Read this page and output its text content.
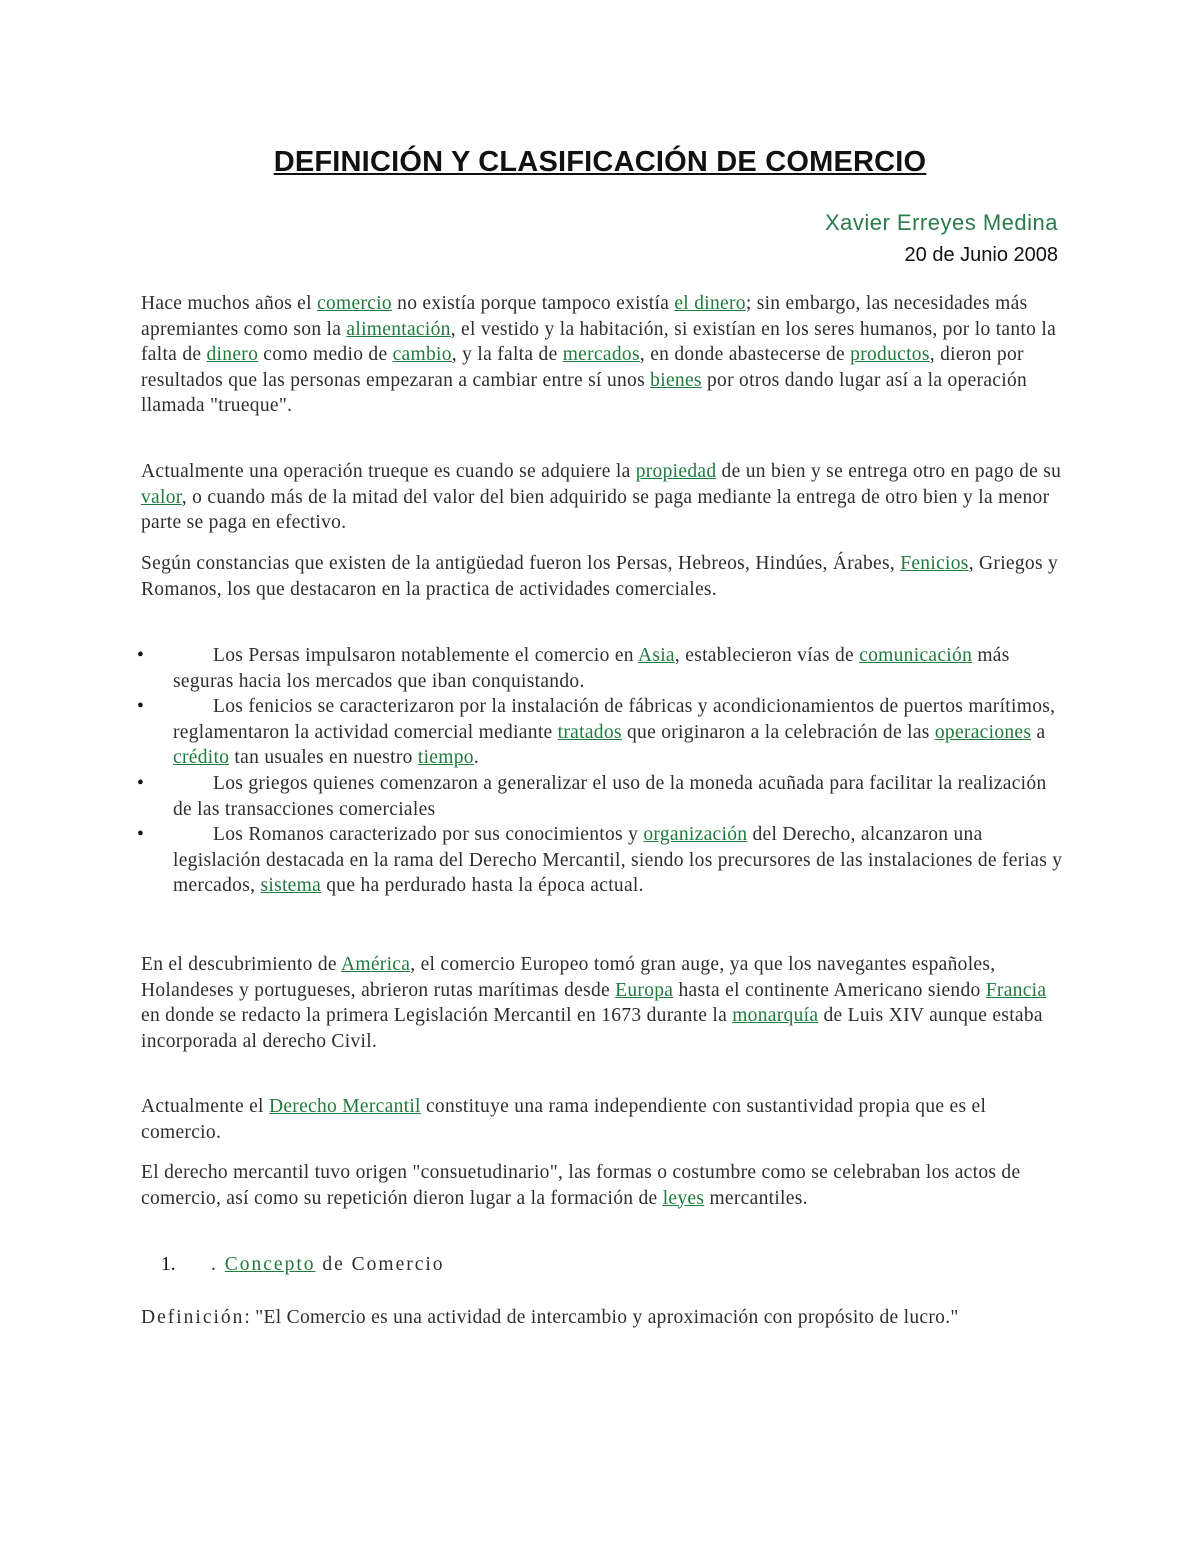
DEFINICIÓN Y CLASIFICACIÓN DE COMERCIO
Xavier Erreyes Medina
20 de Junio 2008

Hace muchos años el comercio no existía porque tampoco existía el dinero; sin embargo, las necesidades más apremiantes como son la alimentación, el vestido y la habitación, si existían en los seres humanos, por lo tanto la falta de dinero como medio de cambio, y la falta de mercados, en donde abastecerse de productos, dieron por resultados que las personas empezaran a cambiar entre sí unos bienes por otros dando lugar así a la operación llamada "trueque".

Actualmente una operación trueque es cuando se adquiere la propiedad de un bien y se entrega otro en pago de su valor, o cuando más de la mitad del valor del bien adquirido se paga mediante la entrega de otro bien y la menor parte se paga en efectivo.

Según constancias que existen de la antigüedad fueron los Persas, Hebreos, Hindúes, Árabes, Fenicios, Griegos y Romanos, los que destacaron en la practica de actividades comerciales.

•	Los Persas impulsaron notablemente el comercio en Asia, establecieron vías de comunicación más seguras hacia los mercados que iban conquistando.
•	Los fenicios se caracterizaron por la instalación de fábricas y acondicionamientos de puertos marítimos, reglamentaron la actividad comercial mediante tratados que originaron a la celebración de las operaciones a crédito tan usuales en nuestro tiempo.
•	Los griegos quienes comenzaron a generalizar el uso de la moneda acuñada para facilitar la realización de las transacciones comerciales
•	Los Romanos caracterizado por sus conocimientos y organización del Derecho, alcanzaron una legislación destacada en la rama del Derecho Mercantil, siendo los precursores de las instalaciones de ferias y mercados, sistema que ha perdurado hasta la época actual.

En el descubrimiento de América, el comercio Europeo tomó gran auge, ya que los navegantes españoles, Holandeses y portugueses, abrieron rutas marítimas desde Europa hasta el continente Americano siendo Francia en donde se redacto la primera Legislación Mercantil en 1673 durante la monarquía de Luis XIV aunque estaba incorporada al derecho Civil.

Actualmente el Derecho Mercantil constituye una rama independiente con sustantividad propia que es el comercio.

El derecho mercantil tuvo origen "consuetudinario", las formas o costumbre como se celebraban los actos de comercio, así como su repetición dieron lugar a la formación de leyes mercantiles.

1. . Concepto de Comercio
Definición: "El Comercio es una actividad de intercambio y aproximación con propósito de lucro."
